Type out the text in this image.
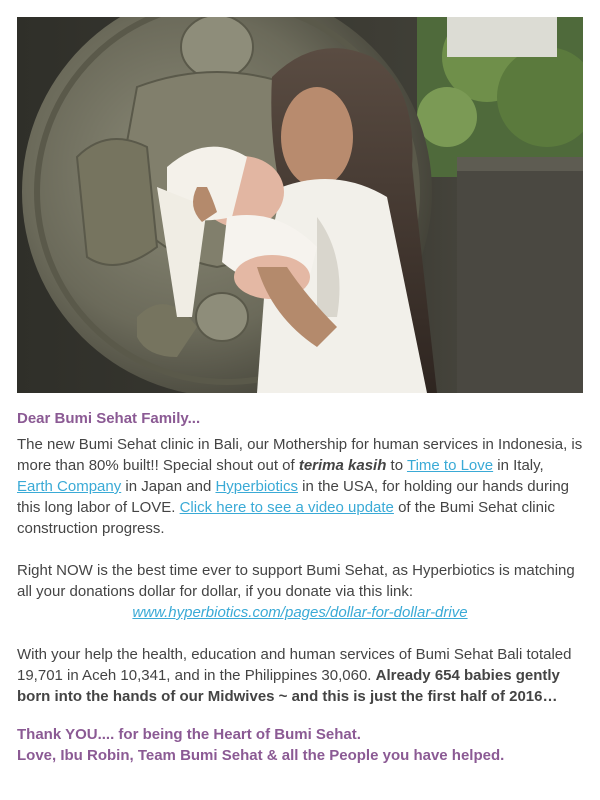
Dear Bumi Sehat Family...

The new Bumi Sehat clinic in Bali, our Mothership for human services in Indonesia, is more than 80% built!! Special shout out of terima kasih to Time to Love in Italy, Earth Company in Japan and Hyperbiotics in the USA, for holding our hands during this long labor of LOVE. Click here to see a video update of the Bumi Sehat clinic construction progress.

Right NOW is the best time ever to support Bumi Sehat, as Hyperbiotics is matching all your donations dollar for dollar, if you donate via this link:

www.hyperbiotics.com/pages/dollar-for-dollar-drive

With your help the health, education and human services of Bumi Sehat Bali totaled 19,701 in Aceh 10,341, and in the Philippines 30,060. Already 654 babies gently born into the hands of our Midwives ~ and this is just the first half of 2016…

Thank YOU.... for being the Heart of Bumi Sehat.

Love, Ibu Robin, Team Bumi Sehat & all the People you have helped.
